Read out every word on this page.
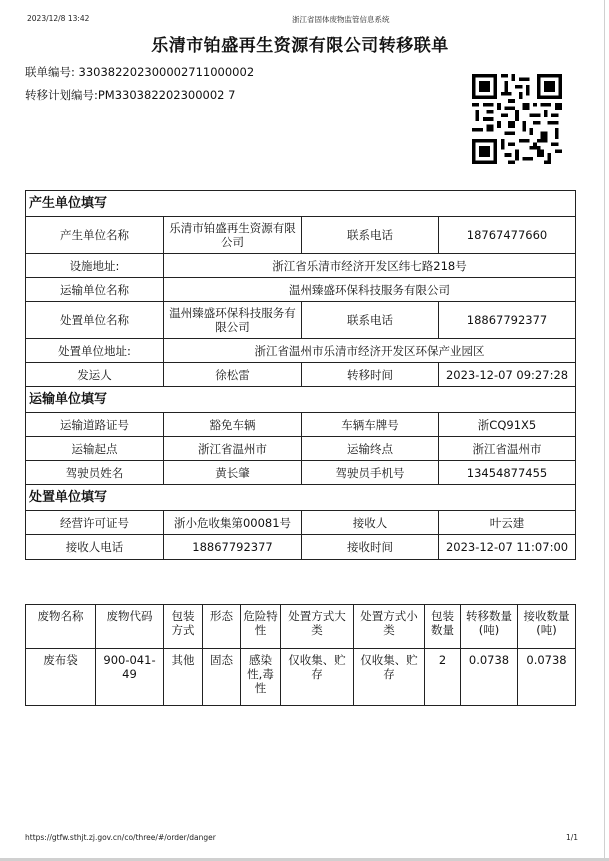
2023/12/8 13:42	浙江省固体废物监管信息系统
乐清市铂盛再生资源有限公司转移联单
联单编号: 330382202300002711000002
转移计划编号:PM330382202300002 7
产生单位填写			
产生单位名称	乐清市铂盛再生资源有限公司	联系电话	18767477660
设施地址:	浙江省乐清市经济开发区纬七路218号		
运输单位名称	温州臻盛环保科技服务有限公司		
处置单位名称	温州臻盛环保科技服务有限公司	联系电话	18867792377
处置单位地址:	浙江省温州市乐清市经济开发区环保产业园区		
发运人	徐松雷	转移时间	2023-12-07 09:27:28
运输单位填写			
运输道路证号	豁免车辆	车辆车牌号	浙CQ91X5
运输起点	浙江省温州市	运输终点	浙江省温州市
驾驶员姓名	黄长肇	驾驶员手机号	13454877455
处置单位填写			
经营许可证号	浙小危收集第00081号	接收人	叶云建
接收人电话	18867792377	接收时间	2023-12-07 11:07:00
废物名称	废物代码	包装方式	形态	危险特性	处置方式大类	处置方式小类	包装数量	转移数量(吨)	接收数量(吨)
废布袋	900-041-49	其他	固态	感染性,毒性	仅收集、贮存	仅收集、贮存	2	0.0738	0.0738
https://gtfw.sthjt.zj.gov.cn/co/three/#/order/danger	1/1
